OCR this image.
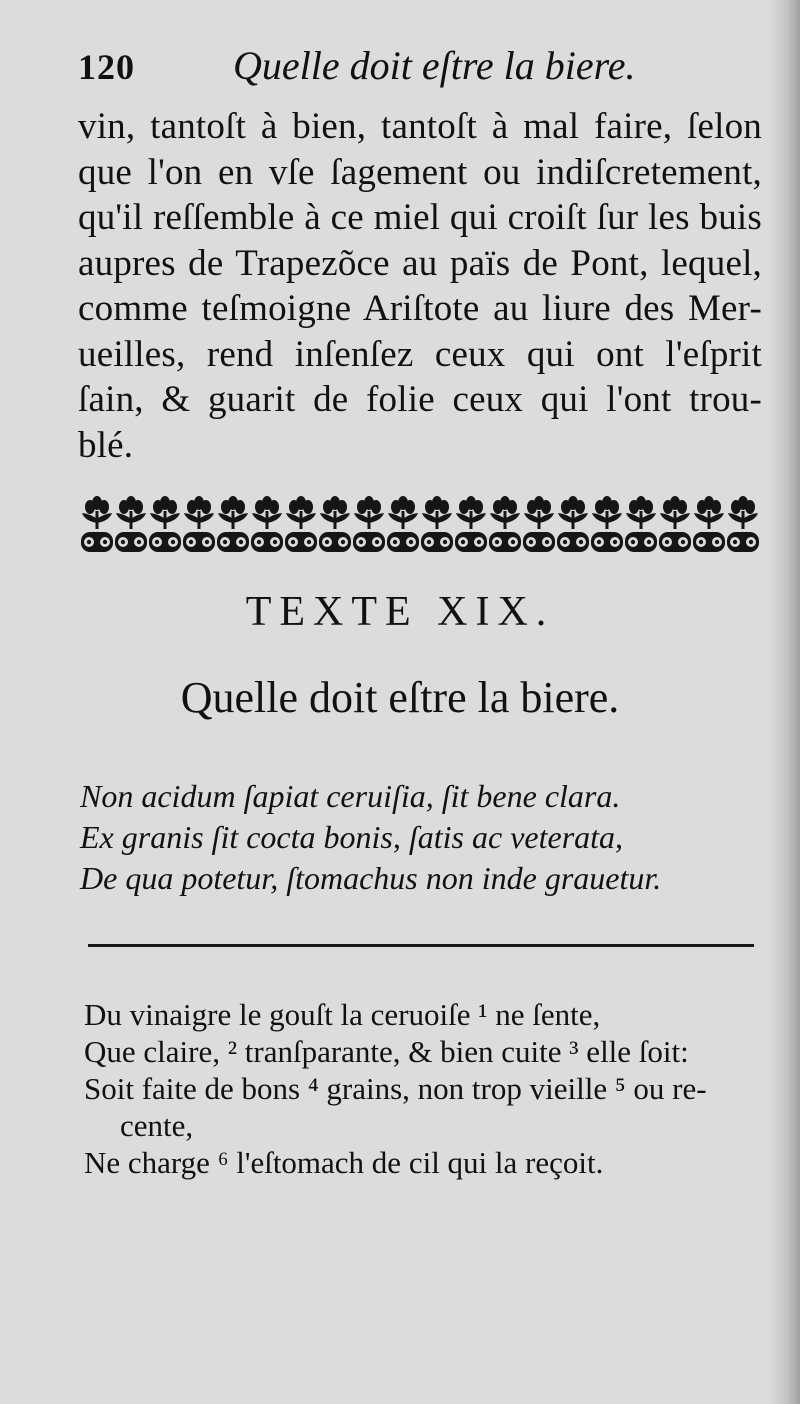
120 Quelle doit eſtre la biere.
vin, tantoſt à bien, tantoſt à mal faire, ſelon
que l'on en vſe ſagement ou indiſcretement,
qu'il reſſemble à ce miel qui croiſt ſur les buis
aupres de Trapezõce au païs de Pont, lequel,
comme teſmoigne Ariſtote au liure des Mer-
ueilles, rend inſenſez ceux qui ont l'eſprit
ſain, & guarit de folie ceux qui l'ont trou-
blé.
TEXTE XIX.
Quelle doit eſtre la biere.
Non acidum ſapiat ceruiſia, ſit bene clara.
Ex granis ſit cocta bonis, ſatis ac veterata,
De qua potetur, ſtomachus non inde grauetur.
Du vinaigre le gouſt la ceruoiſe ¹ ne ſente,
Que claire, ² tranſparante, & bien cuite ³ elle ſoit:
Soit faite de bons ⁴ grains, non trop vieille ⁵ ou re-
cente,
Ne charge ⁶ l'eſtomach de cil qui la reçoit.
